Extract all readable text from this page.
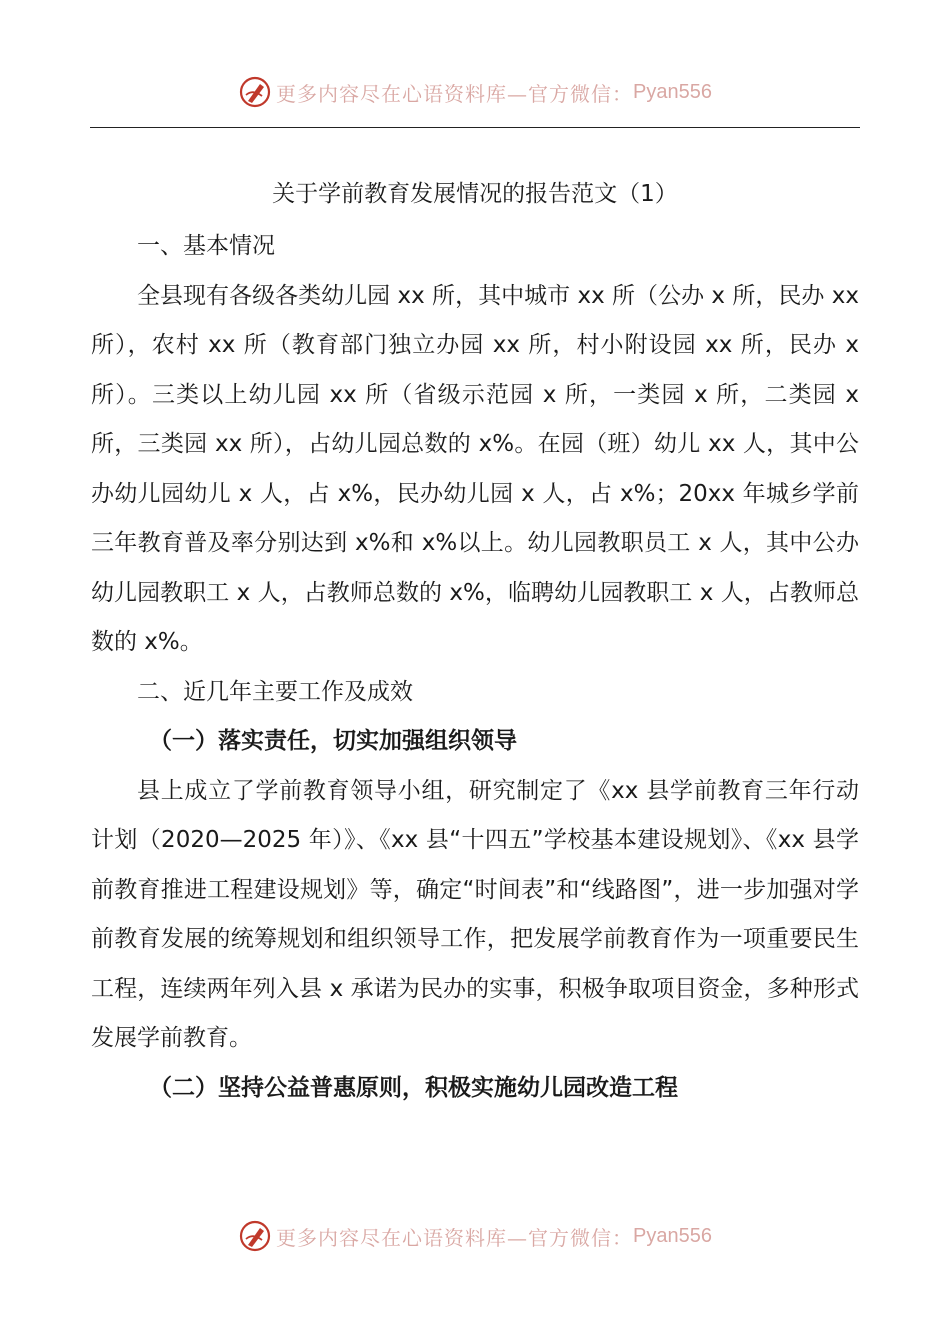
更多内容尽在心语资料库—官方微信： Pyan556

关于学前教育发展情况的报告范文（1）

一、基本情况

全县现有各级各类幼儿园 xx 所，其中城市 xx 所（公办 x 所，民办 xx 所），农村 xx 所（教育部门独立办园 xx 所，村小附设园 xx 所，民办 x 所）。三类以上幼儿园 xx 所（省级示范园 x 所，一类园 x 所，二类园 x 所，三类园 xx 所），占幼儿园总数的 x%。在园（班）幼儿 xx 人，其中公办幼儿园幼儿 x 人，占 x%，民办幼儿园 x 人，占 x%；20xx 年城乡学前三年教育普及率分别达到 x%和 x%以上。幼儿园教职员工 x 人，其中公办幼儿园教职工 x 人，占教师总数的 x%，临聘幼儿园教职工 x 人，占教师总数的 x%。

二、近几年主要工作及成效

（一）落实责任，切实加强组织领导

县上成立了学前教育领导小组，研究制定了《xx 县学前教育三年行动计划（2020—2025 年）》、《xx 县“十四五”学校基本建设规划》、《xx 县学前教育推进工程建设规划》等，确定“时间表”和“线路图”，进一步加强对学前教育发展的统筹规划和组织领导工作，把发展学前教育作为一项重要民生工程，连续两年列入县 x 承诺为民办的实事，积极争取项目资金，多种形式发展学前教育。

（二）坚持公益普惠原则，积极实施幼儿园改造工程

更多内容尽在心语资料库—官方微信： Pyan556
